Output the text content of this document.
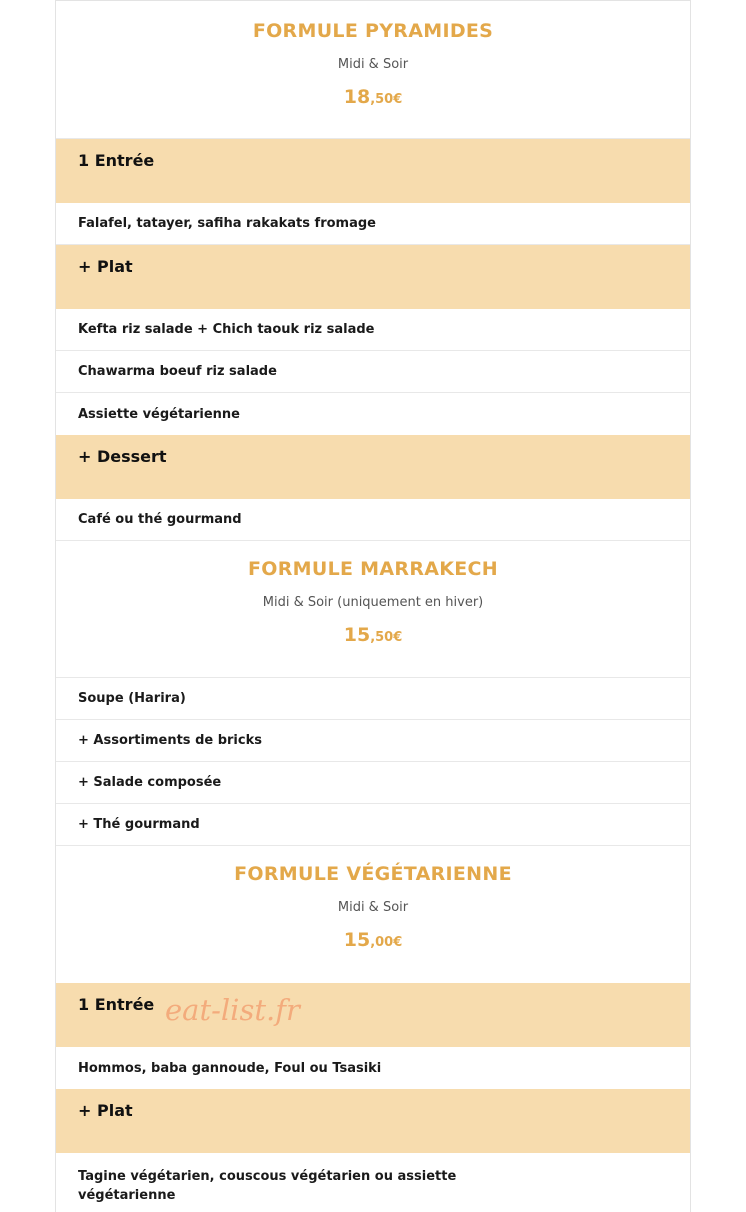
FORMULE PYRAMIDES
Midi & Soir
18,50€
1 Entrée
Falafel, tatayer, safiha rakakats fromage
+ Plat
Kefta riz salade + Chich taouk riz salade
Chawarma boeuf riz salade
Assiette végétarienne
+ Dessert
Café ou thé gourmand
FORMULE MARRAKECH
Midi & Soir (uniquement en hiver)
15,50€
Soupe (Harira)
+ Assortiments de bricks
+ Salade composée
+ Thé gourmand
FORMULE VÉGÉTARIENNE
Midi & Soir
15,00€
1 Entrée
Hommos, baba gannoude, Foul ou Tsasiki
+ Plat
Tagine végétarien, couscous végétarien ou assiette végétarienne
eat-list.fr
